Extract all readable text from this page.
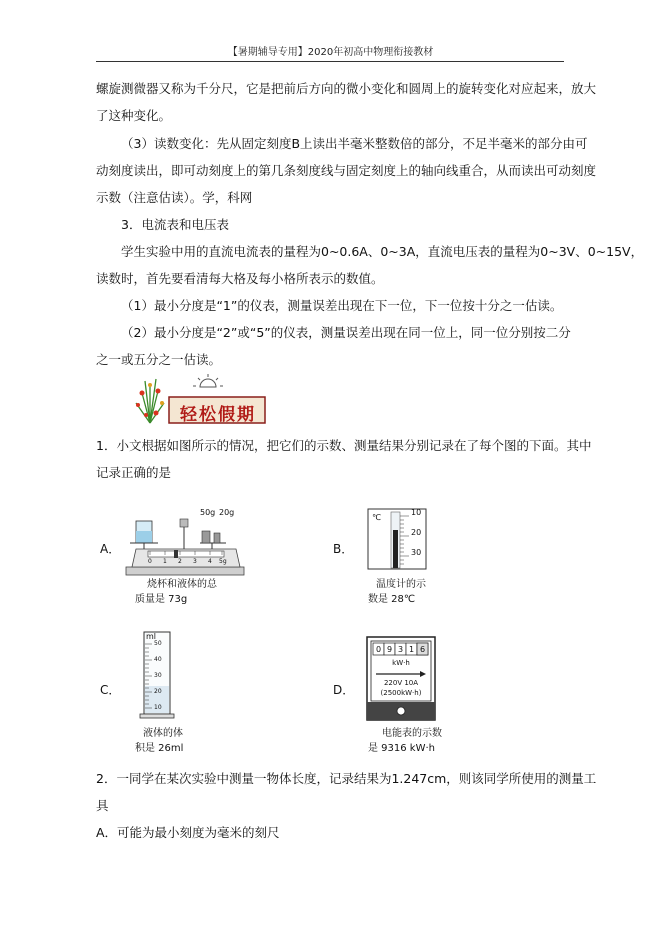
【暑期辅导专用】2020年初高中物理衔接教材
螺旋测微器又称为千分尺，它是把前后方向的微小变化和圆周上的旋转变化对应起来，放大
了这种变化。
（3）读数变化：先从固定刻度B上读出半毫米整数倍的部分，不足半毫米的部分由可
动刻度读出，即可动刻度上的第几条刻度线与固定刻度上的轴向线重合，从而读出可动刻度
示数（注意估读）。学，科网
3．电流表和电压表
学生实验中用的直流电流表的量程为0~0.6A、0~3A，直流电压表的量程为0~3V、0~15V，
读数时，首先要看清每大格及每小格所表示的数值。
（1）最小分度是“1”的仪表，测量误差出现在下一位，下一位按十分之一估读。
（2）最小分度是“2”或“5”的仪表，测量误差出现在同一位上，同一位分别按二分
之一或五分之一估读。
轻松假期
1．小文根据如图所示的情况，把它们的示数、测量结果分别记录在了每个图的下面。其中
记录正确的是
A．
50g 20g
0 1 2 3 4 5g
烧杯和液体的总
质量是 73g
B．
℃
10
20
30
温度计的示
数是 28℃
C．
ml
50
40
30
20
10
液体的体
积是 26ml
D．
0 9 3 1 6
kW·h
220V 10A
(2500kW·h)
电能表的示数
是 9316 kW·h
2．一同学在某次实验中测量一物体长度，记录结果为1.247cm，则该同学所使用的测量工
具
A．可能为最小刻度为毫米的刻尺
